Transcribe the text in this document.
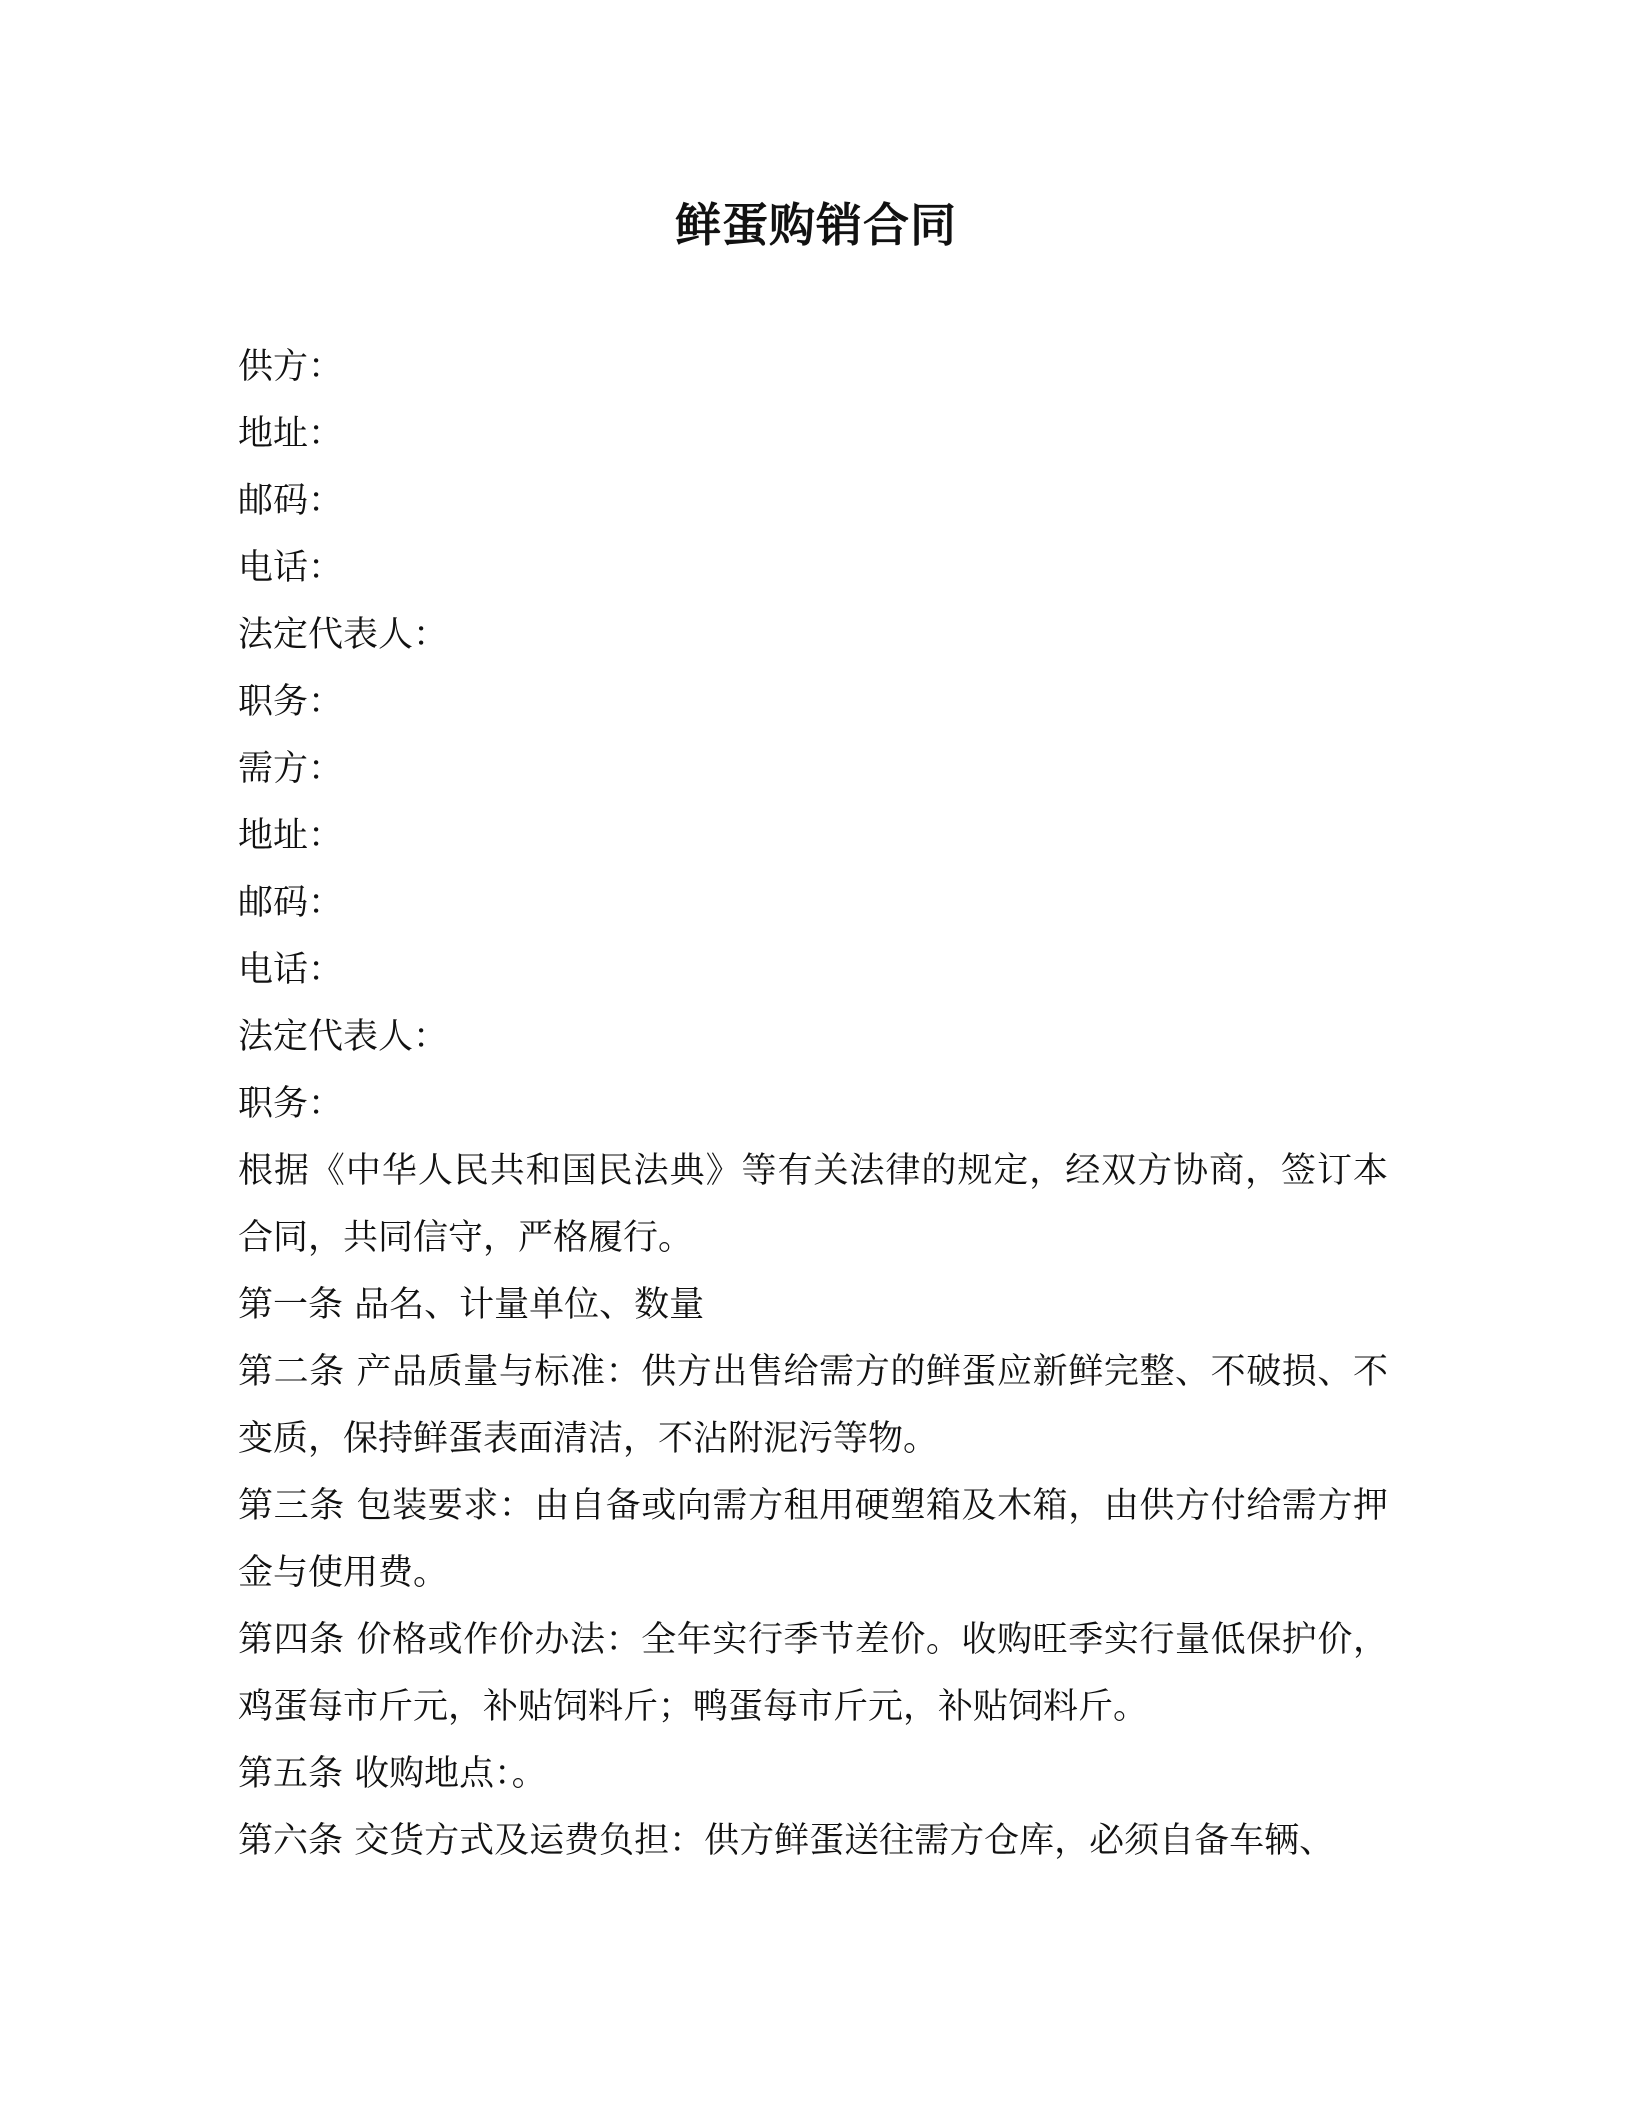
鲜蛋购销合同
供方：
地址：
邮码：
电话：
法定代表人：
职务：
需方：
地址：
邮码：
电话：
法定代表人：
职务：
根据《中华人民共和国民法典》等有关法律的规定，经双方协商，签订本合同，共同信守，严格履行。
第一条 品名、计量单位、数量
第二条 产品质量与标准：供方出售给需方的鲜蛋应新鲜完整、不破损、不变质，保持鲜蛋表面清洁，不沾附泥污等物。
第三条 包装要求：由自备或向需方租用硬塑箱及木箱，由供方付给需方押金与使用费。
第四条 价格或作价办法：全年实行季节差价。收购旺季实行量低保护价，鸡蛋每市斤元，补贴饲料斤；鸭蛋每市斤元，补贴饲料斤。
第五条 收购地点：。
第六条 交货方式及运费负担：供方鲜蛋送往需方仓库，必须自备车辆、
